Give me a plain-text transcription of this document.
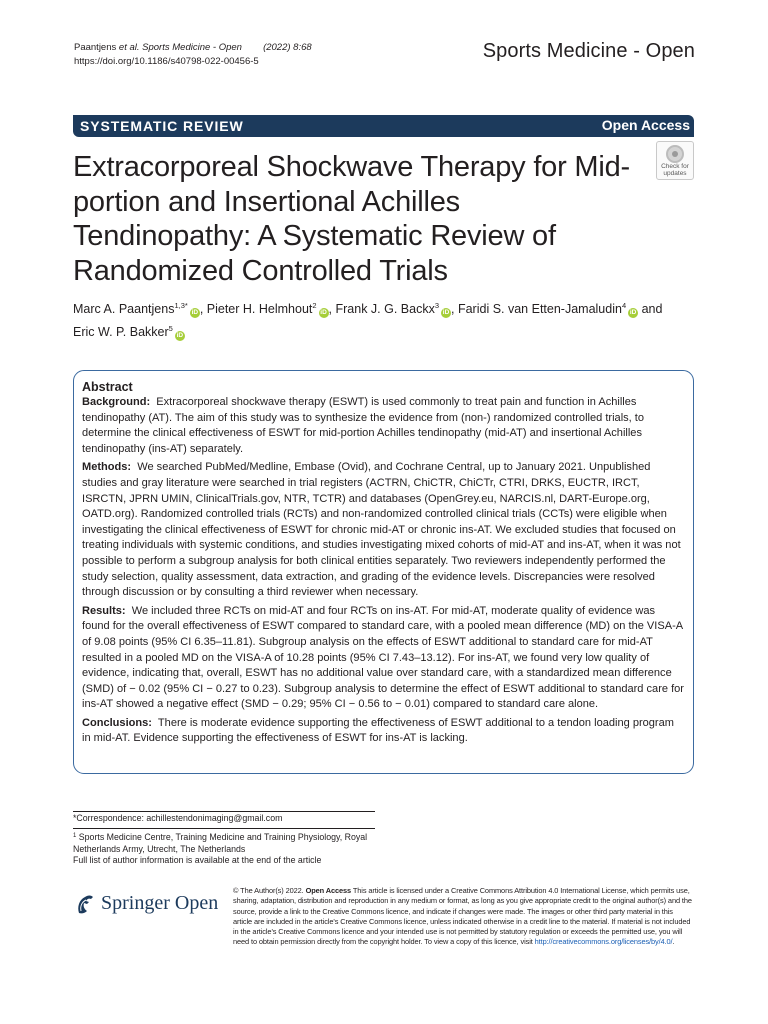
Paantjens et al. Sports Medicine - Open (2022) 8:68
https://doi.org/10.1186/s40798-022-00456-5	Sports Medicine - Open
SYSTEMATIC REVIEW	Open Access
Extracorporeal Shockwave Therapy for Mid-portion and Insertional Achilles Tendinopathy: A Systematic Review of Randomized Controlled Trials
Check for
updates
Marc A. Paantjens$^{1,3*}$iD , Pieter H. Helmhout$^2$iD , Frank J. G. Backx$^3$iD , Faridi S. van Etten-Jamaludin$^4$iD and
Eric W. P. Bakker$^5$iD
Abstract

Background: Extracorporeal shockwave therapy (ESWT) is used commonly to treat pain and function in Achilles tendinopathy (AT). The aim of this study was to synthesize the evidence from (non-) randomized controlled trials, to determine the clinical effectiveness of ESWT for mid-portion Achilles tendinopathy (mid-AT) and insertional Achilles tendinopathy (ins-AT) separately.

Methods: We searched PubMed/Medline, Embase (Ovid), and Cochrane Central, up to January 2021. Unpublished studies and gray literature were searched in trial registers (ACTRN, ChiCTR, ChiCTr, CTRI, DRKS, EUCTR, IRCT, ISRCTN, JPRN UMIN, ClinicalTrials.gov, NTR, TCTR) and databases (OpenGrey.eu, NARCIS.nl, DART-Europe.org, OATD.org). Randomized controlled trials (RCTs) and non-randomized controlled clinical trials (CCTs) were eligible when investigating the clinical effectiveness of ESWT for chronic mid-AT or chronic ins-AT. We excluded studies that focused on treating individuals with systemic conditions, and studies investigating mixed cohorts of mid-AT and ins-AT, when it was not possible to perform a subgroup analysis for both clinical entities separately. Two reviewers independently performed the study selection, quality assessment, data extraction, and grading of the evidence levels. Discrepancies were resolved through discussion or by consulting a third reviewer when necessary.

Results: We included three RCTs on mid-AT and four RCTs on ins-AT. For mid-AT, moderate quality of evidence was found for the overall effectiveness of ESWT compared to standard care, with a pooled mean difference (MD) on the VISA-A of 9.08 points (95% CI 6.35–11.81). Subgroup analysis on the effects of ESWT additional to standard care for mid-AT resulted in a pooled MD on the VISA-A of 10.28 points (95% CI 7.43–13.12). For ins-AT, we found very low quality of evidence, indicating that, overall, ESWT has no additional value over standard care, with a standardized mean difference (SMD) of − 0.02 (95% CI − 0.27 to 0.23). Subgroup analysis to determine the effect of ESWT additional to standard care for ins-AT showed a negative effect (SMD − 0.29; 95% CI − 0.56 to − 0.01) compared to standard care alone.

Conclusions: There is moderate evidence supporting the effectiveness of ESWT additional to a tendon loading program in mid-AT. Evidence supporting the effectiveness of ESWT for ins-AT is lacking.

*Correspondence: achillestendonimaging@gmail.com
$^1$ Sports Medicine Centre, Training Medicine and Training Physiology, Royal Netherlands Army, Utrecht, The Netherlands
Full list of author information is available at the end of the article
Springer Open
© The Author(s) 2022. Open Access This article is licensed under a Creative Commons Attribution 4.0 International License, which permits use, sharing, adaptation, distribution and reproduction in any medium or format, as long as you give appropriate credit to the original author(s) and the source, provide a link to the Creative Commons licence, and indicate if changes were made. The images or other third party material in this article are included in the article's Creative Commons licence, unless indicated otherwise in a credit line to the material. If material is not included in the article's Creative Commons licence and your intended use is not permitted by statutory regulation or exceeds the permitted use, you will need to obtain permission directly from the copyright holder. To view a copy of this licence, visit http://creativecommons.org/licenses/by/4.0/.
